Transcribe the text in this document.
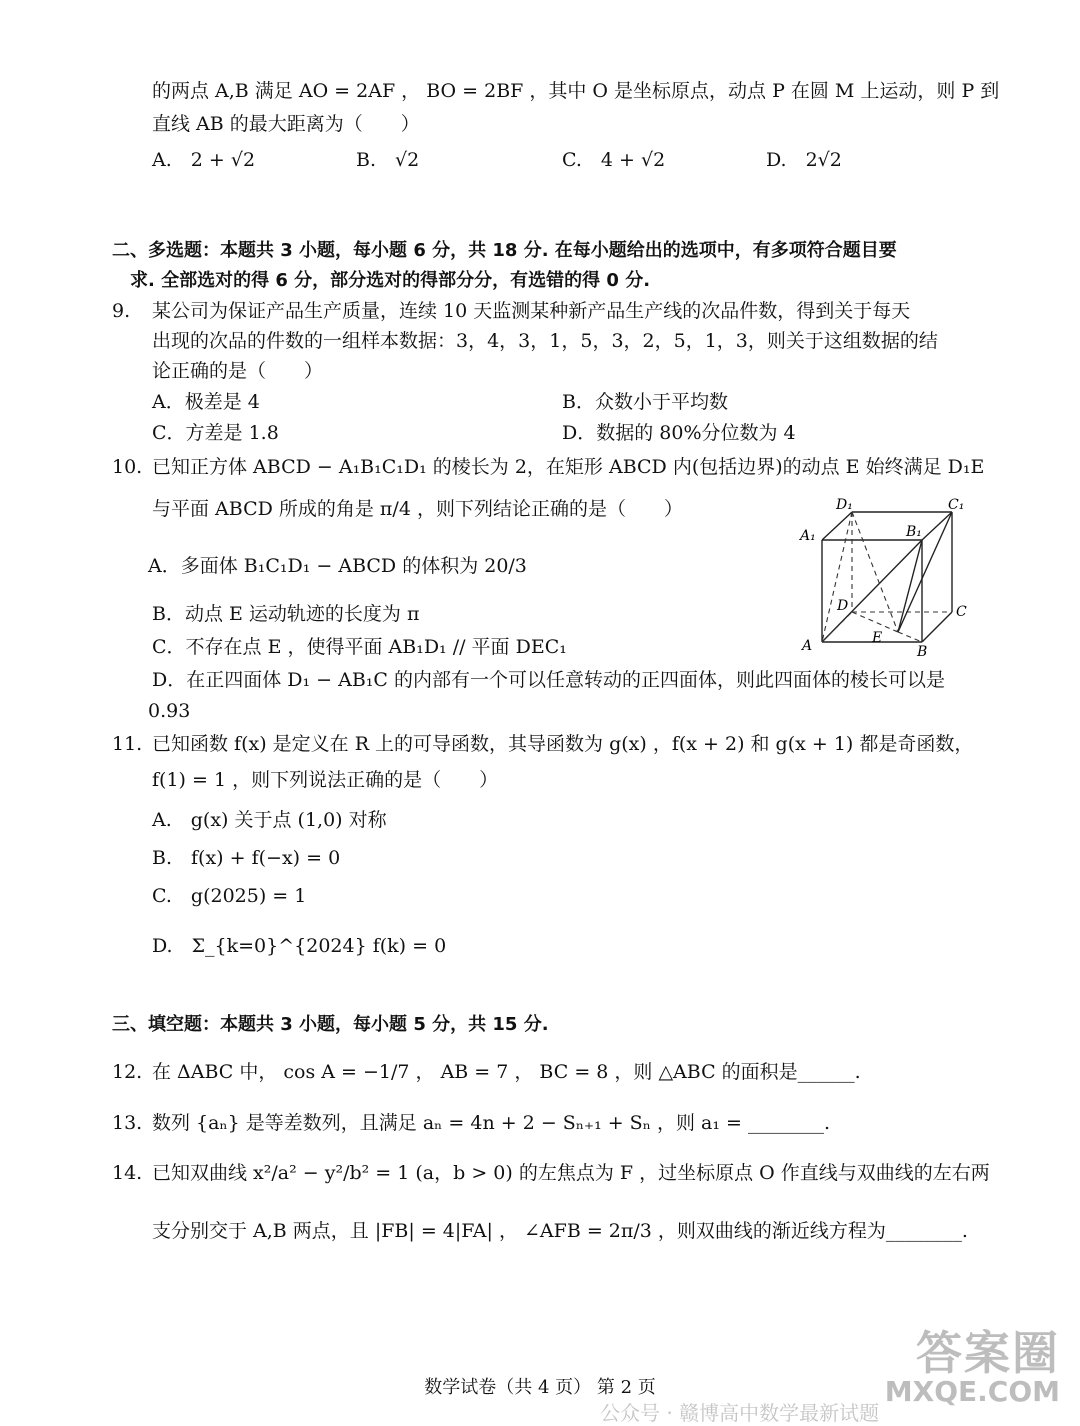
的两点 A,B 满足 AO = 2AF ， BO = 2BF ，其中 O 是坐标原点，动点 P 在圆 M 上运动，则 P 到
直线 AB 的最大距离为（　　）
A.　2 + √2	B.　√2	C.　4 + √2	D.　2√2
二、多选题：本题共 3 小题，每小题 6 分，共 18 分. 在每小题给出的选项中，有多项符合题目要
求. 全部选对的得 6 分，部分选对的得部分分，有选错的得 0 分.
9. 某公司为保证产品生产质量，连续 10 天监测某种新产品生产线的次品件数，得到关于每天
出现的次品的件数的一组样本数据：3，4，3，1，5，3，2，5，1，3，则关于这组数据的结
论正确的是（　　）
A．极差是 4	B．众数小于平均数
C．方差是 1.8	D．数据的 80%分位数为 4
10. 已知正方体 ABCD − A₁B₁C₁D₁ 的棱长为 2，在矩形 ABCD 内(包括边界)的动点 E 始终满足 D₁E
与平面 ABCD 所成的角是 π/4 ，则下列结论正确的是（　　）
A．多面体 B₁C₁D₁ − ABCD 的体积为 20/3
B．动点 E 运动轨迹的长度为 π
C．不存在点 E ，使得平面 AB₁D₁ // 平面 DEC₁
D．在正四面体 D₁ − AB₁C 的内部有一个可以任意转动的正四面体，则此四面体的棱长可以是
0.93
D₁	C₁
A₁	B₁
D	C
A	E
B
11. 已知函数 f(x) 是定义在 R 上的可导函数，其导函数为 g(x) ，f(x + 2) 和 g(x + 1) 都是奇函数，
f(1) = 1 ，则下列说法正确的是（　　）
A.　g(x) 关于点 (1,0) 对称
B.　f(x) + f(−x) = 0
C.　g(2025) = 1
D.　Σ_{k=0}^{2024} f(k) = 0
三、填空题：本题共 3 小题，每小题 5 分，共 15 分.
12. 在 ΔABC 中， cos A = −1/7 ， AB = 7 ， BC = 8 ，则 △ABC 的面积是______.
13. 数列 {aₙ} 是等差数列，且满足 aₙ = 4n + 2 − Sₙ₊₁ + Sₙ ，则 a₁ = ________.
14. 已知双曲线 x²/a² − y²/b² = 1 (a，b > 0) 的左焦点为 F ，过坐标原点 O 作直线与双曲线的左右两
支分别交于 A,B 两点，且 |FB| = 4|FA| ， ∠AFB = 2π/3 ，则双曲线的渐近线方程为________.
数学试卷（共 4 页） 第 2 页
公众号 · 赣博高中数学最新试题
答案圈
MXQE.COM
